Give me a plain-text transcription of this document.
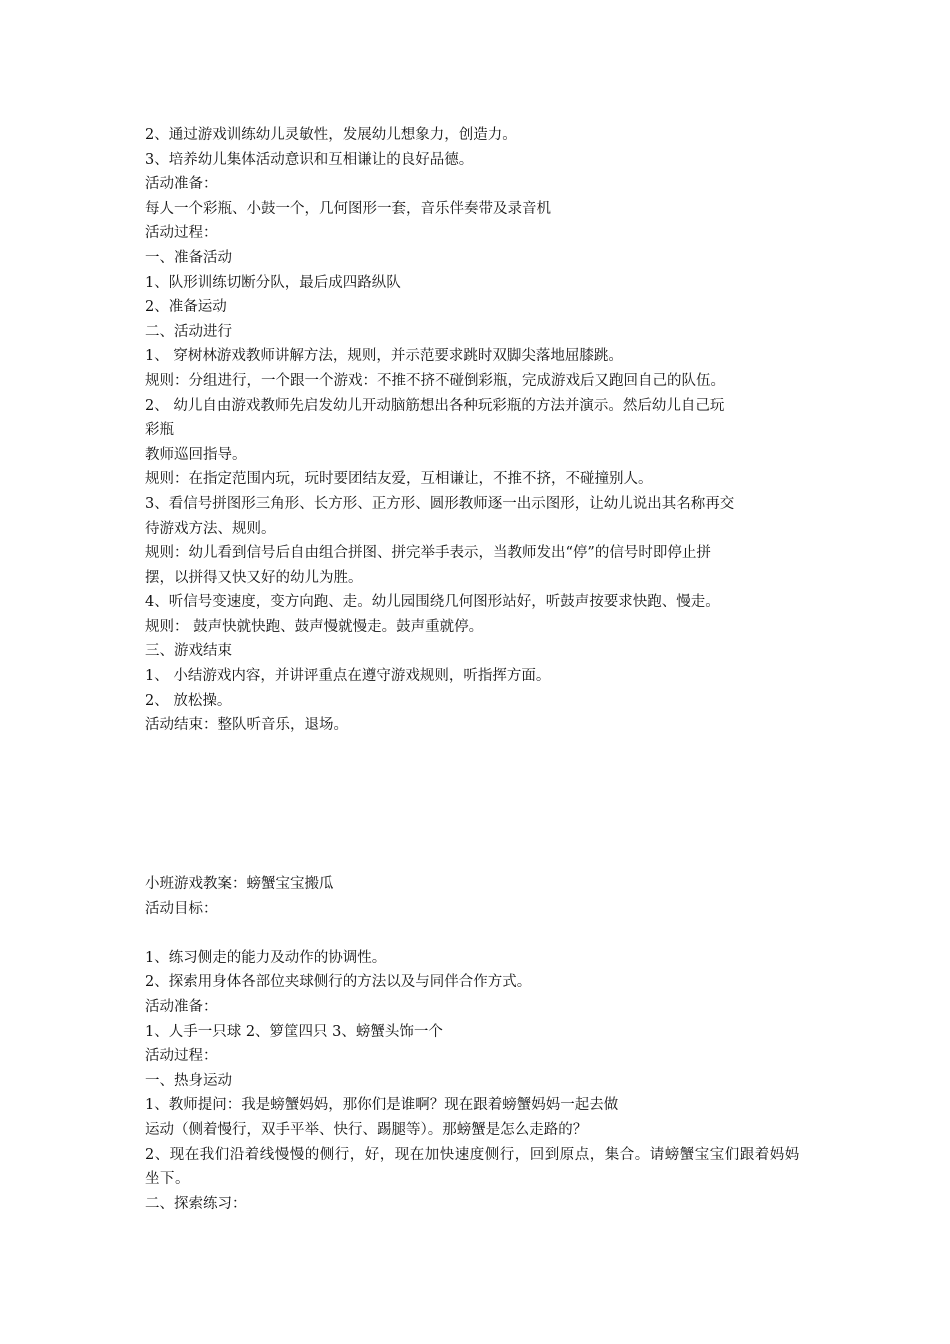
2、通过游戏训练幼儿灵敏性，发展幼儿想象力，创造力。
3、培养幼儿集体活动意识和互相谦让的良好品德。
活动准备：
每人一个彩瓶、小鼓一个，几何图形一套，音乐伴奏带及录音机
活动过程：
一、准备活动
1、队形训练切断分队，最后成四路纵队
2、准备运动
二、活动进行
1、 穿树林游戏教师讲解方法，规则，并示范要求跳时双脚尖落地屈膝跳。
规则：分组进行，一个跟一个游戏：不推不挤不碰倒彩瓶，完成游戏后又跑回自己的队伍。
2、 幼儿自由游戏教师先启发幼儿开动脑筋想出各种玩彩瓶的方法并演示。然后幼儿自己玩
彩瓶
教师巡回指导。
规则：在指定范围内玩，玩时要团结友爱，互相谦让，不推不挤，不碰撞别人。
3、看信号拼图形三角形、长方形、正方形、圆形教师逐一出示图形，让幼儿说出其名称再交
待游戏方法、规则。
规则：幼儿看到信号后自由组合拼图、拼完举手表示，当教师发出“停”的信号时即停止拼
摆，以拼得又快又好的幼儿为胜。
4、听信号变速度，变方向跑、走。幼儿园围绕几何图形站好，听鼓声按要求快跑、慢走。
规则： 鼓声快就快跑、鼓声慢就慢走。鼓声重就停。
三、游戏结束
1、 小结游戏内容，并讲评重点在遵守游戏规则，听指挥方面。
2、 放松操。
活动结束：整队听音乐，退场。
小班游戏教案：螃蟹宝宝搬瓜
活动目标：
1、练习侧走的能力及动作的协调性。
2、探索用身体各部位夹球侧行的方法以及与同伴合作方式。
活动准备：
1、人手一只球 2、箩筐四只 3、螃蟹头饰一个
活动过程：
一、热身运动
1、教师提问：我是螃蟹妈妈，那你们是谁啊？现在跟着螃蟹妈妈一起去做
运动（侧着慢行，双手平举、快行、踢腿等）。那螃蟹是怎么走路的？
2、现在我们沿着线慢慢的侧行，好，现在加快速度侧行，回到原点，集合。请螃蟹宝宝们跟着妈妈坐下。
二、探索练习：
